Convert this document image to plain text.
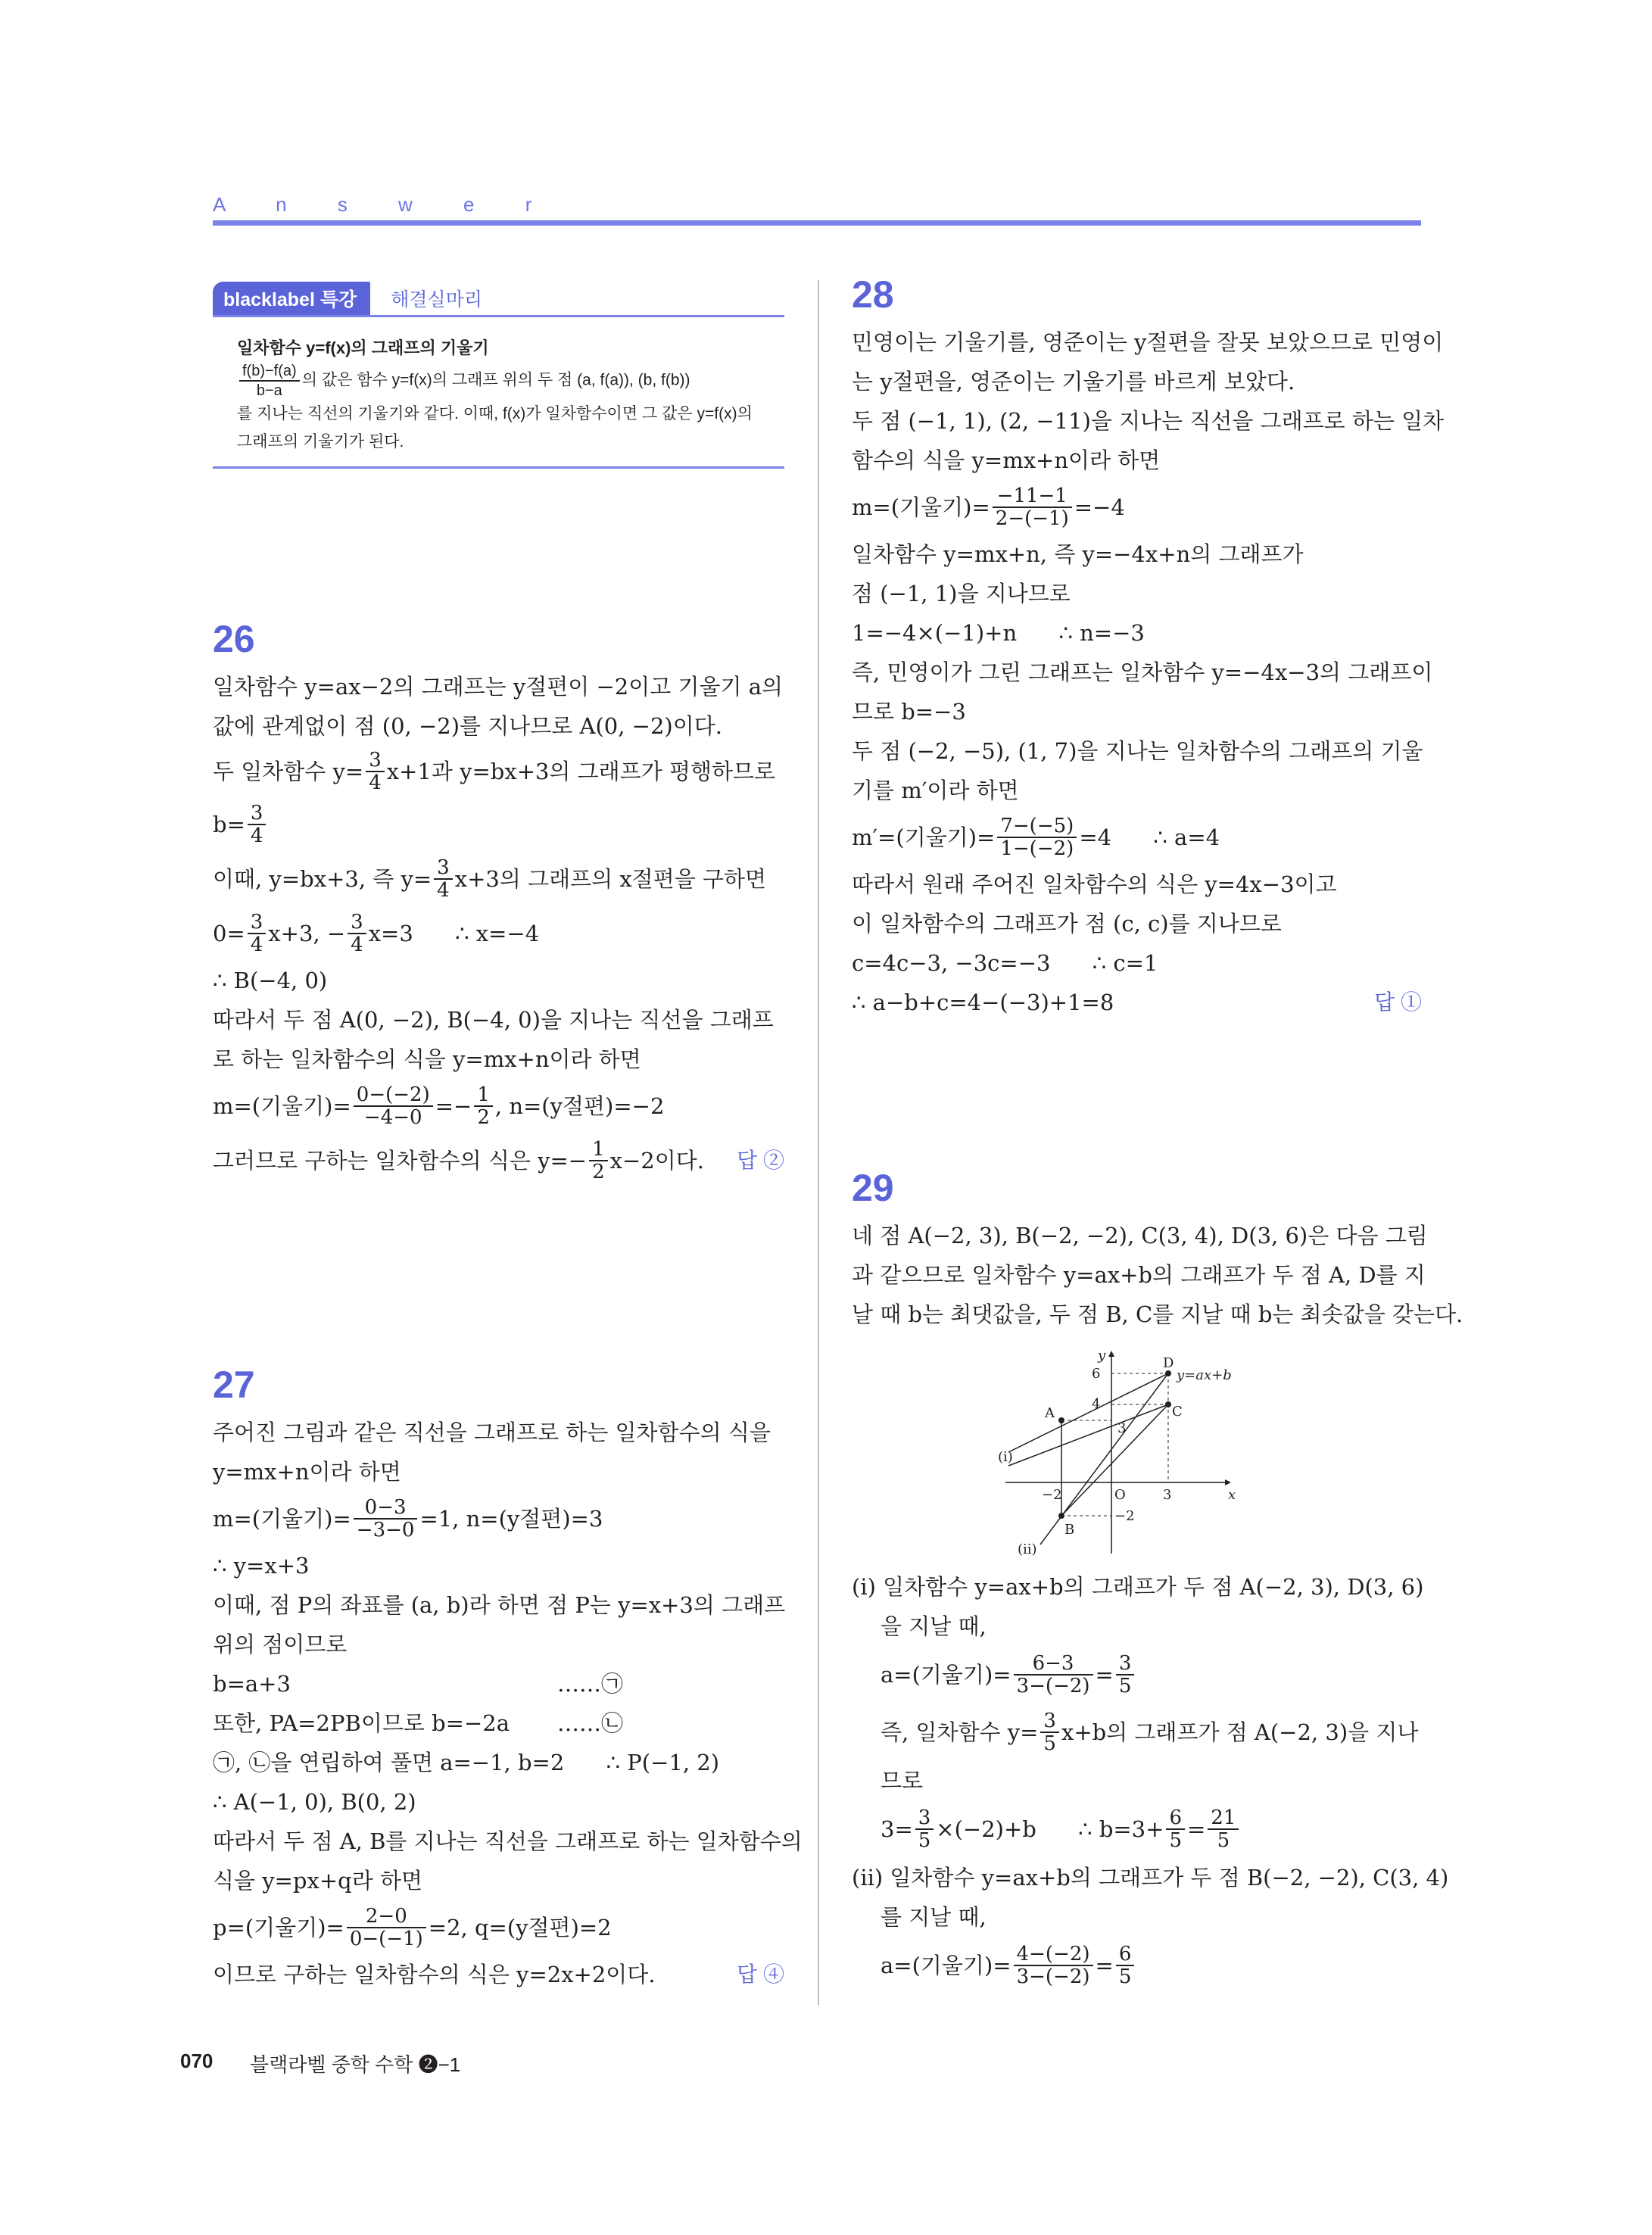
A n s w e r
blacklabel 특강 해결실마리
일차함수 y=f(x)의 그래프의 기울기
$\frac{f(b)-f(a)}{b-a}$ 의 값은 함수 y=f(x)의 그래프 위의 두 점 (a, f(a)), (b, f(b))
를 지나는 직선의 기울기와 같다. 이때, f(x)가 일차함수이면 그 값은 y=f(x)의
그래프의 기울기가 된다.
26
일차함수 y=ax−2의 그래프는 y절편이 −2이고 기울기 a의
값에 관계없이 점 (0, −2)를 지나므로 A(0, −2)이다.
두 일차함수 $y= \frac{3}{4} x+1$과 y=bx+3의 그래프가 평행하므로
$b= \frac{3}{4}$
이때, y=bx+3, 즉 $y= \frac{3}{4} x+3$의 그래프의 x절편을 구하면
$0= \frac{3}{4} x+3$, − $\frac{3}{4} x=3$      ∴ x=−4
∴ B(−4, 0)
따라서 두 점 A(0, −2), B(−4, 0)을 지나는 직선을 그래프
로 하는 일차함수의 식을 y=mx+n이라 하면
m=(기울기)= $\frac{0-(-2)}{-4-0} =- \frac{1}{2}$ , n=(y절편)=−2
그러므로 구하는 일차함수의 식은 $y=- \frac{1}{2} x-2$이다. 답 ②
27
주어진 그림과 같은 직선을 그래프로 하는 일차함수의 식을
y=mx+n이라 하면
m=(기울기)= $\frac{0-3}{-3-0} =1$, n=(y절편)=3
∴ y=x+3
이때, 점 P의 좌표를 (a, b)라 하면 점 P는 y=x+3의 그래프
위의 점이므로
b=a+3	……㉠
또한, PA=2PB이므로 b=−2a ……㉡
㉠, ㉡을 연립하여 풀면 a=−1, b=2      ∴ P(−1, 2)
∴ A(−1, 0), B(0, 2)
따라서 두 점 A, B를 지나는 직선을 그래프로 하는 일차함수의
식을 y=px+q라 하면
p=(기울기)= $\frac{2-0}{0-(-1)} =2$, q=(y절편)=2
이므로 구하는 일차함수의 식은 y=2x+2이다.	답 ④
28
민영이는 기울기를, 영준이는 y절편을 잘못 보았으므로 민영이
는 y절편을, 영준이는 기울기를 바르게 보았다.
두 점 (−1, 1), (2, −11)을 지나는 직선을 그래프로 하는 일차
함수의 식을 y=mx+n이라 하면
m=(기울기)= $\frac{-11-1}{2-(-1)} =-4$
일차함수 y=mx+n, 즉 y=−4x+n의 그래프가
점 (−1, 1)을 지나므로
1=−4×(−1)+n      ∴ n=−3
즉, 민영이가 그린 그래프는 일차함수 y=−4x−3의 그래프이
므로 b=−3
두 점 (−2, −5), (1, 7)을 지나는 일차함수의 그래프의 기울
기를 m′이라 하면
m′=(기울기)= $\frac{7-(-5)}{1-(-2)} =4$      ∴ a=4
따라서 원래 주어진 일차함수의 식은 y=4x−3이고
이 일차함수의 그래프가 점 (c, c)를 지나므로
c=4c−3, −3c=−3      ∴ c=1
∴ a−b+c=4−(−3)+1=8	답 ①
29
네 점 A(−2, 3), B(−2, −2), C(3, 4), D(3, 6)은 다음 그림
과 같으므로 일차함수 y=ax+b의 그래프가 두 점 A, D를 지
날 때 b는 최댓값을, 두 점 B, C를 지날 때 b는 최솟값을 갖는다.
y
x
O
6
4
3
−2	3
−2
A
B
C
D
y=ax+b
(i)
(ii)
(i) 일차함수 y=ax+b의 그래프가 두 점 A(−2, 3), D(3, 6)
을 지날 때,
a=(기울기)= $\frac{6-3}{3-(-2)} = \frac{3}{5}$
즉, 일차함수 $y= \frac{3}{5} x+b$의 그래프가 점 A(−2, 3)을 지나
므로
$3= \frac{3}{5} \times(-2)+b$      ∴ $b=3+ \frac{6}{5} = \frac{21}{5}$
(ii) 일차함수 y=ax+b의 그래프가 두 점 B(−2, −2), C(3, 4)
를 지날 때,
a=(기울기)= $\frac{4-(-2)}{3-(-2)} = \frac{6}{5}$
070 블랙라벨 중학 수학 ❷−1
